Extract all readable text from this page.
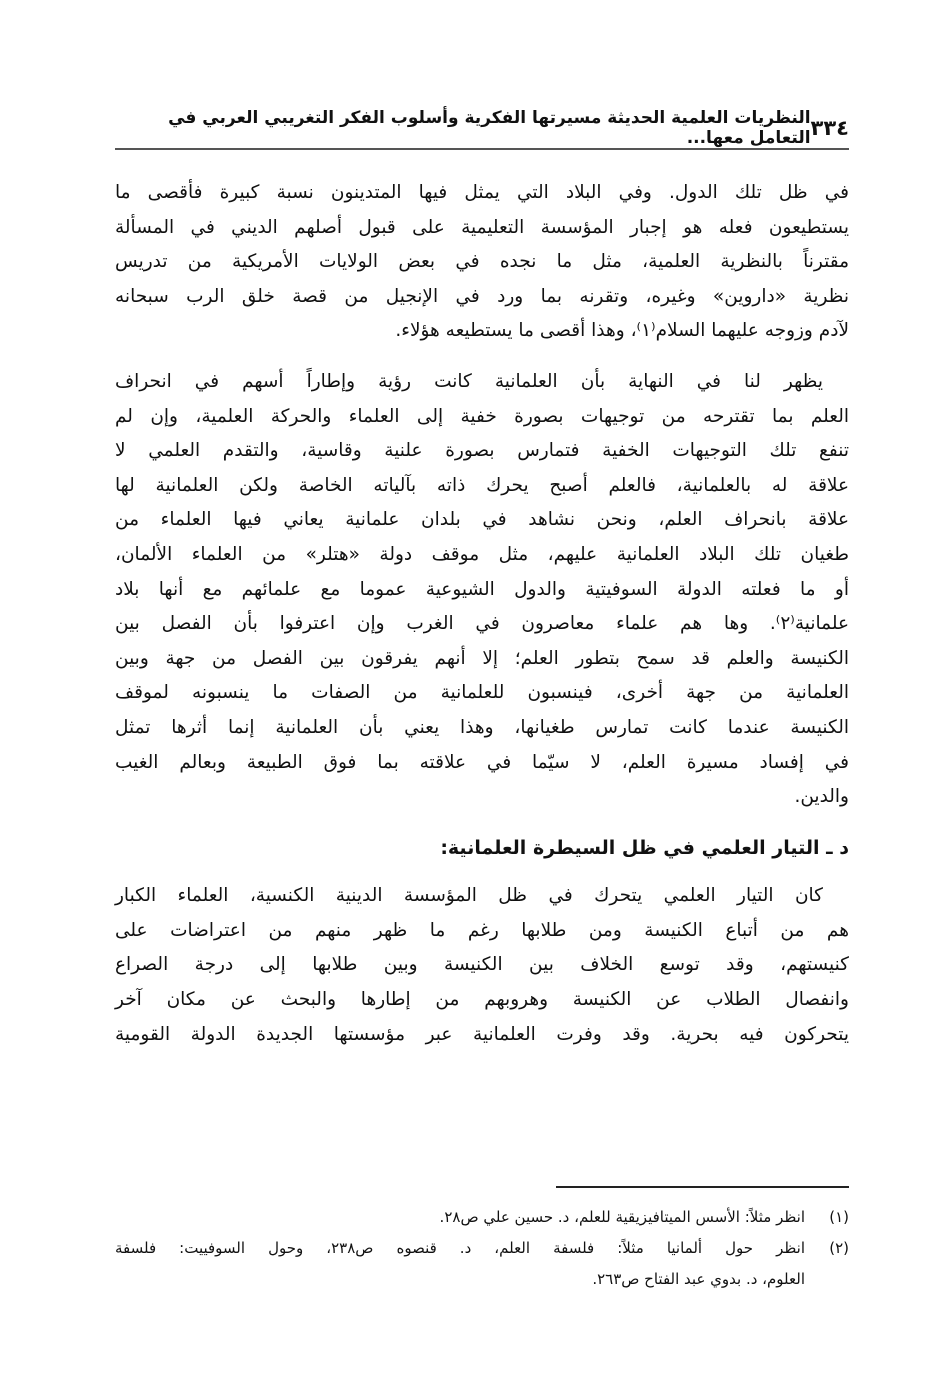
٣٣٤
النظريات العلمية الحديثة مسيرتها الفكرية وأسلوب الفكر التغريبي العربي في التعامل معها...
في ظل تلك الدول. وفي البلاد التي يمثل فيها المتدينون نسبة كبيرة فأقصى ما
يستطيعون فعله هو إجبار المؤسسة التعليمية على قبول أصلهم الديني في المسألة
مقترناً بالنظرية العلمية، مثل ما نجده في بعض الولايات الأمريكية من تدريس
نظرية «داروين» وغيره، وتقرنه بما ورد في الإنجيل من قصة خلق الرب سبحانه
لآدم وزوجه عليهما السلام⁽١⁾، وهذا أقصى ما يستطيعه هؤلاء.
يظهر لنا في النهاية بأن العلمانية كانت رؤية وإطاراً أسهم في انحراف
العلم بما تقترحه من توجيهات بصورة خفية إلى العلماء والحركة العلمية، وإن لم
تنفع تلك التوجيهات الخفية فتمارس بصورة علنية وقاسية، والتقدم العلمي لا
علاقة له بالعلمانية، فالعلم أصبح يحرك ذاته بآلياته الخاصة ولكن العلمانية لها
علاقة بانحراف العلم، ونحن نشاهد في بلدان علمانية يعاني فيها العلماء من
طغيان تلك البلاد العلمانية عليهم، مثل موقف دولة «هتلر» من العلماء الألمان،
أو ما فعلته الدولة السوفيتية والدول الشيوعية عموما مع علمائهم مع أنها بلاد
علمانية⁽٢⁾. وها هم علماء معاصرون في الغرب وإن اعترفوا بأن الفصل بين
الكنيسة والعلم قد سمح بتطور العلم؛ إلا أنهم يفرقون بين الفصل من جهة وبين
العلمانية من جهة أخرى، فينسبون للعلمانية من الصفات ما ينسبونه لموقف
الكنيسة عندما كانت تمارس طغيانها، وهذا يعني بأن العلمانية إنما أثرها تمثل
في إفساد مسيرة العلم، لا سيّما في علاقته بما فوق الطبيعة وبعالم الغيب
والدين.
د ـ التيار العلمي في ظل السيطرة العلمانية:
كان التيار العلمي يتحرك في ظل المؤسسة الدينية الكنسية، العلماء الكبار
هم من أتباع الكنيسة ومن طلابها رغم ما ظهر منهم من اعتراضات على
كنيستهم، وقد توسع الخلاف بين الكنيسة وبين طلابها إلى درجة الصراع
وانفصال الطلاب عن الكنيسة وهروبهم من إطارها والبحث عن مكان آخر
يتحركون فيه بحرية. وقد وفرت العلمانية عبر مؤسستها الجديدة الدولة القومية
(١)
انظر مثلاً: الأسس الميتافيزيقية للعلم، د. حسين علي ص٢٨.
(٢)
انظر حول ألمانيا مثلاً: فلسفة العلم، د. قنصوه ص٢٣٨، وحول السوفييت: فلسفة
العلوم، د. بدوي عبد الفتاح ص٢٦٣.
